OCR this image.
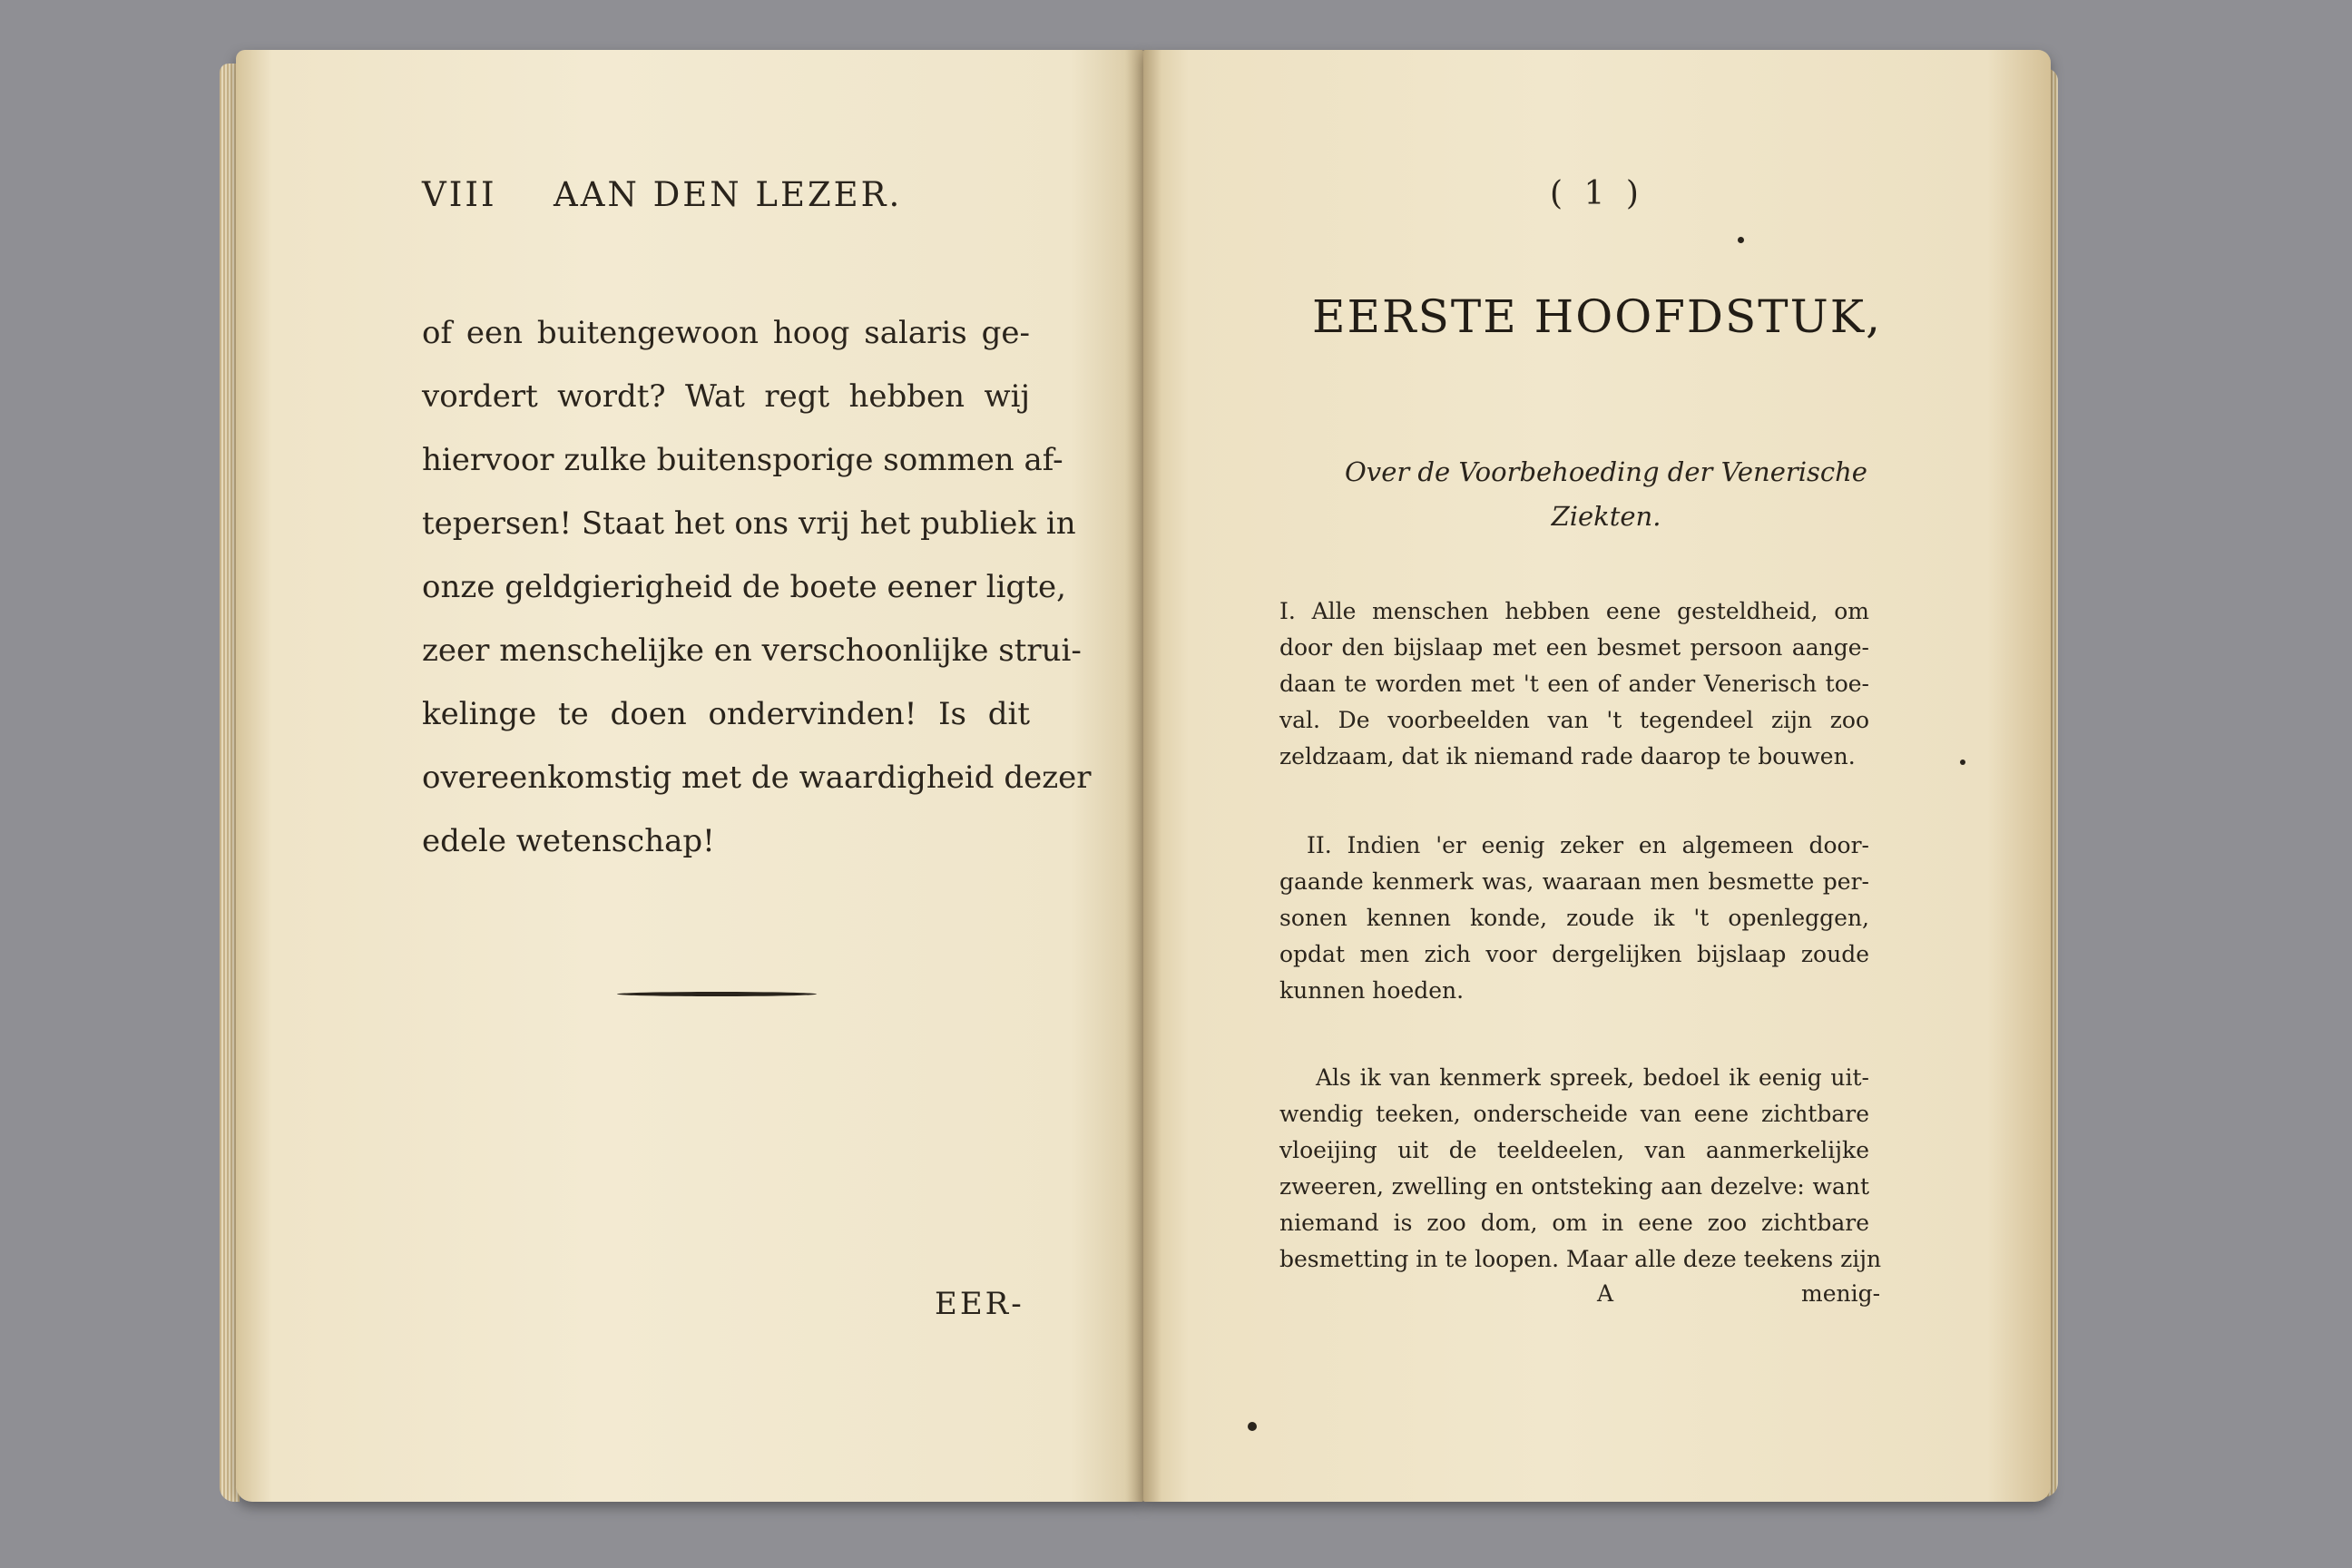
VIII AAN DEN LEZER.
of een buitengewoon hoog salaris ge-
vordert wordt? Wat regt hebben wij
hiervoor zulke buitensporige sommen af-
tepersen! Staat het ons vrij het publiek in
onze geldgierigheid de boete eener ligte,
zeer menschelijke en verschoonlijke strui-
kelinge te doen ondervinden! Is dit
overeenkomstig met de waardigheid dezer
edele wetenschap!
EER-
( 1 )
EERSTE HOOFDSTUK,
Over de Voorbehoeding der Venerische
Ziekten.
I. Alle menschen hebben eene gesteldheid, om
door den bijslaap met een besmet persoon aange-
daan te worden met 't een of ander Venerisch toe-
val. De voorbeelden van 't tegendeel zijn zoo
zeldzaam, dat ik niemand rade daarop te bouwen.
II. Indien 'er eenig zeker en algemeen door-
gaande kenmerk was, waaraan men besmette per-
sonen kennen konde, zoude ik 't openleggen,
opdat men zich voor dergelijken bijslaap zoude
kunnen hoeden.
Als ik van kenmerk spreek, bedoel ik eenig uit-
wendig teeken, onderscheide van eene zichtbare
vloeijing uit de teeldeelen, van aanmerkelijke
zweeren, zwelling en ontsteking aan dezelve: want
niemand is zoo dom, om in eene zoo zichtbare
besmetting in te loopen. Maar alle deze teekens zijn
A	menig-
